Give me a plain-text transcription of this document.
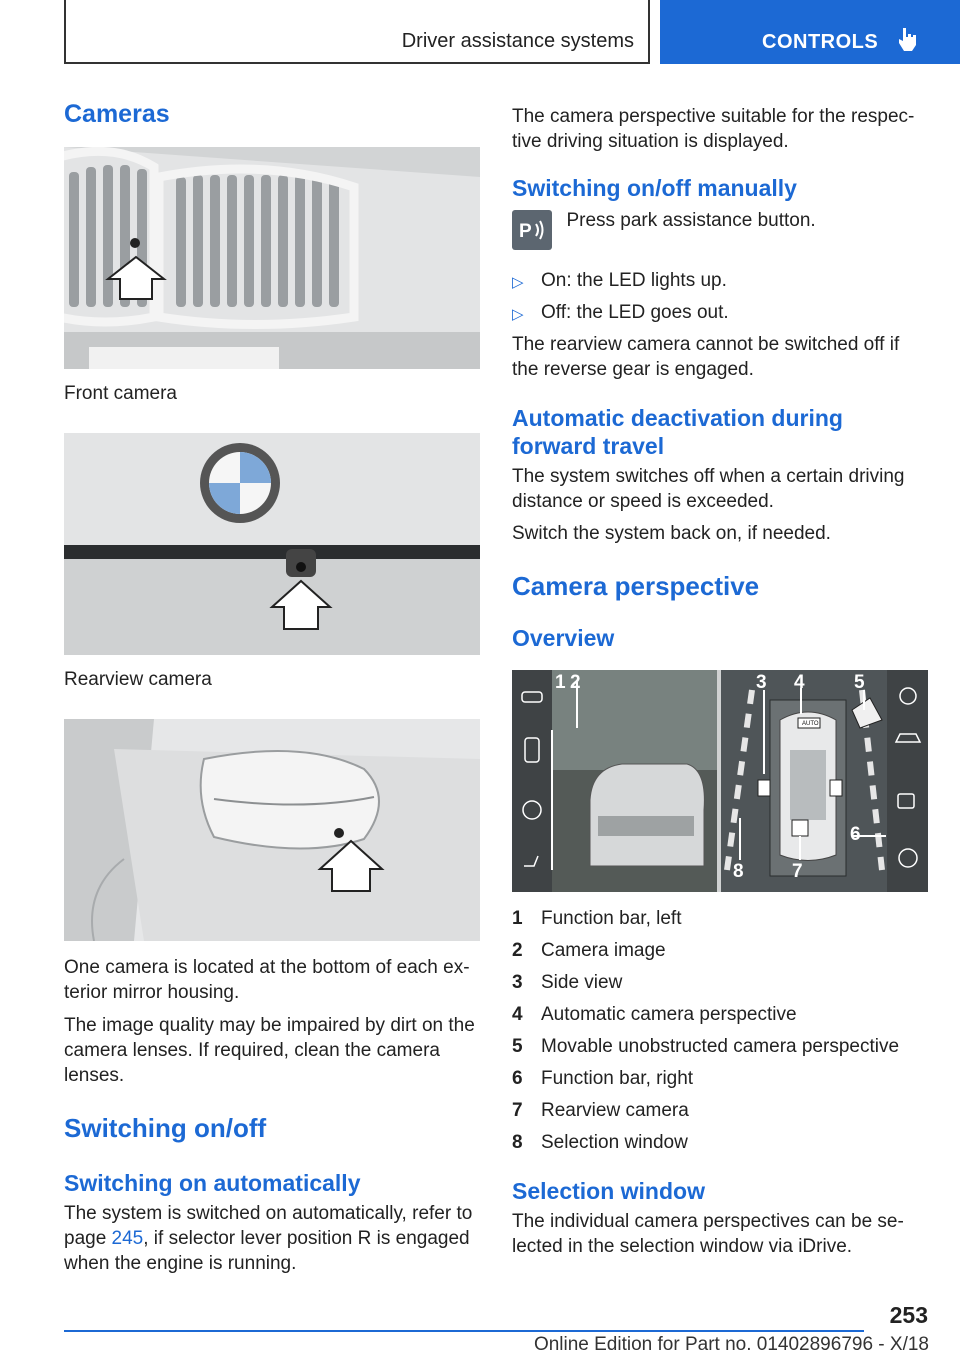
Driver assistance systems	CONTROLS
Cameras

Front camera

Rearview camera

One camera is located at the bottom of each ex-terior mirror housing.

The image quality may be impaired by dirt on the camera lenses. If required, clean the camera lenses.

Switching on/off
Switching on automatically

The system is switched on automatically, refer to page 245, if selector lever position R is engaged when the engine is running.

The camera perspective suitable for the respec-tive driving situation is displayed.

Switching on/off manually
P
Press park assistance button.
▷ On: the LED lights up.
▷ Off: the LED goes out.

The rearview camera cannot be switched off if the reverse gear is engaged.

Automatic deactivation during forward travel

The system switches off when a certain driving distance or speed is exceeded.

Switch the system back on, if needed.

Camera perspective
Overview
AUTO
1 2	3 4	5
6
7
8
1 Function bar, left
2 Camera image
3 Side view
4 Automatic camera perspective
5 Movable unobstructed camera perspective
6 Function bar, right
7 Rearview camera
8 Selection window
Selection window

The individual camera perspectives can be se-lected in the selection window via iDrive.

253
Online Edition for Part no. 01402896796 - X/18
